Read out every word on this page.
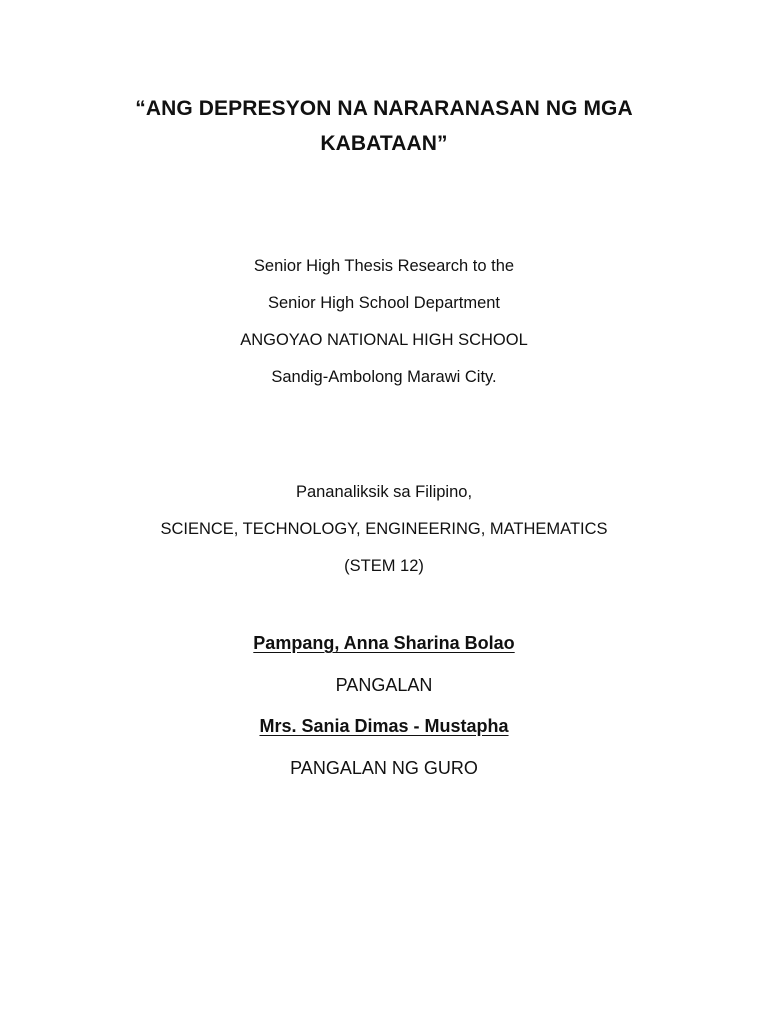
“ANG DEPRESYON NA NARARANASAN NG MGA
KABATAAN”
Senior High Thesis Research to the
Senior High School Department
ANGOYAO NATIONAL HIGH SCHOOL
Sandig-Ambolong Marawi City.
Pananaliksik sa Filipino,
SCIENCE, TECHNOLOGY, ENGINEERING, MATHEMATICS
(STEM 12)
Pampang, Anna Sharina Bolao
PANGALAN
Mrs. Sania Dimas - Mustapha
PANGALAN NG GURO
